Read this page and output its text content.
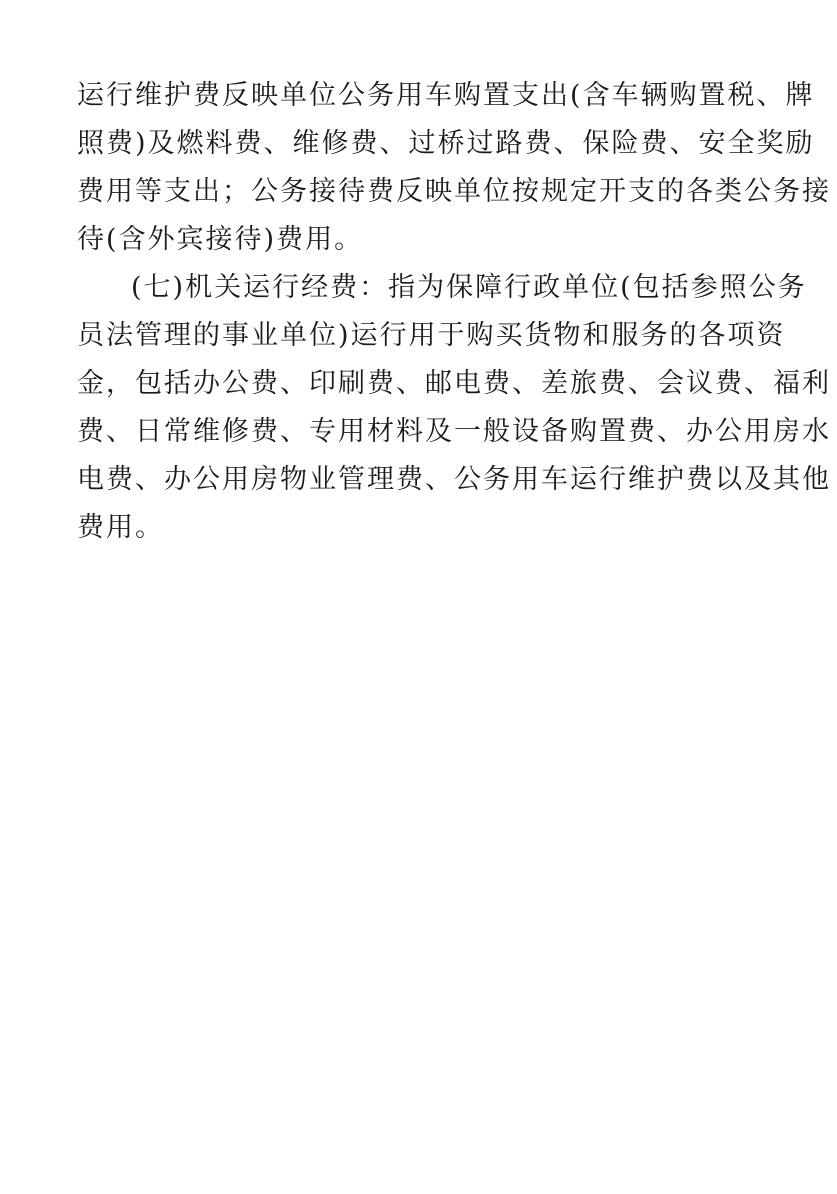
运行维护费反映单位公务用车购置支出(含车辆购置税、牌
照费)及燃料费、维修费、过桥过路费、保险费、安全奖励
费用等支出；公务接待费反映单位按规定开支的各类公务接
待(含外宾接待)费用。

(七)机关运行经费：指为保障行政单位(包括参照公务
员法管理的事业单位)运行用于购买货物和服务的各项资
金，包括办公费、印刷费、邮电费、差旅费、会议费、福利
费、日常维修费、专用材料及一般设备购置费、办公用房水
电费、办公用房物业管理费、公务用车运行维护费以及其他
费用。
